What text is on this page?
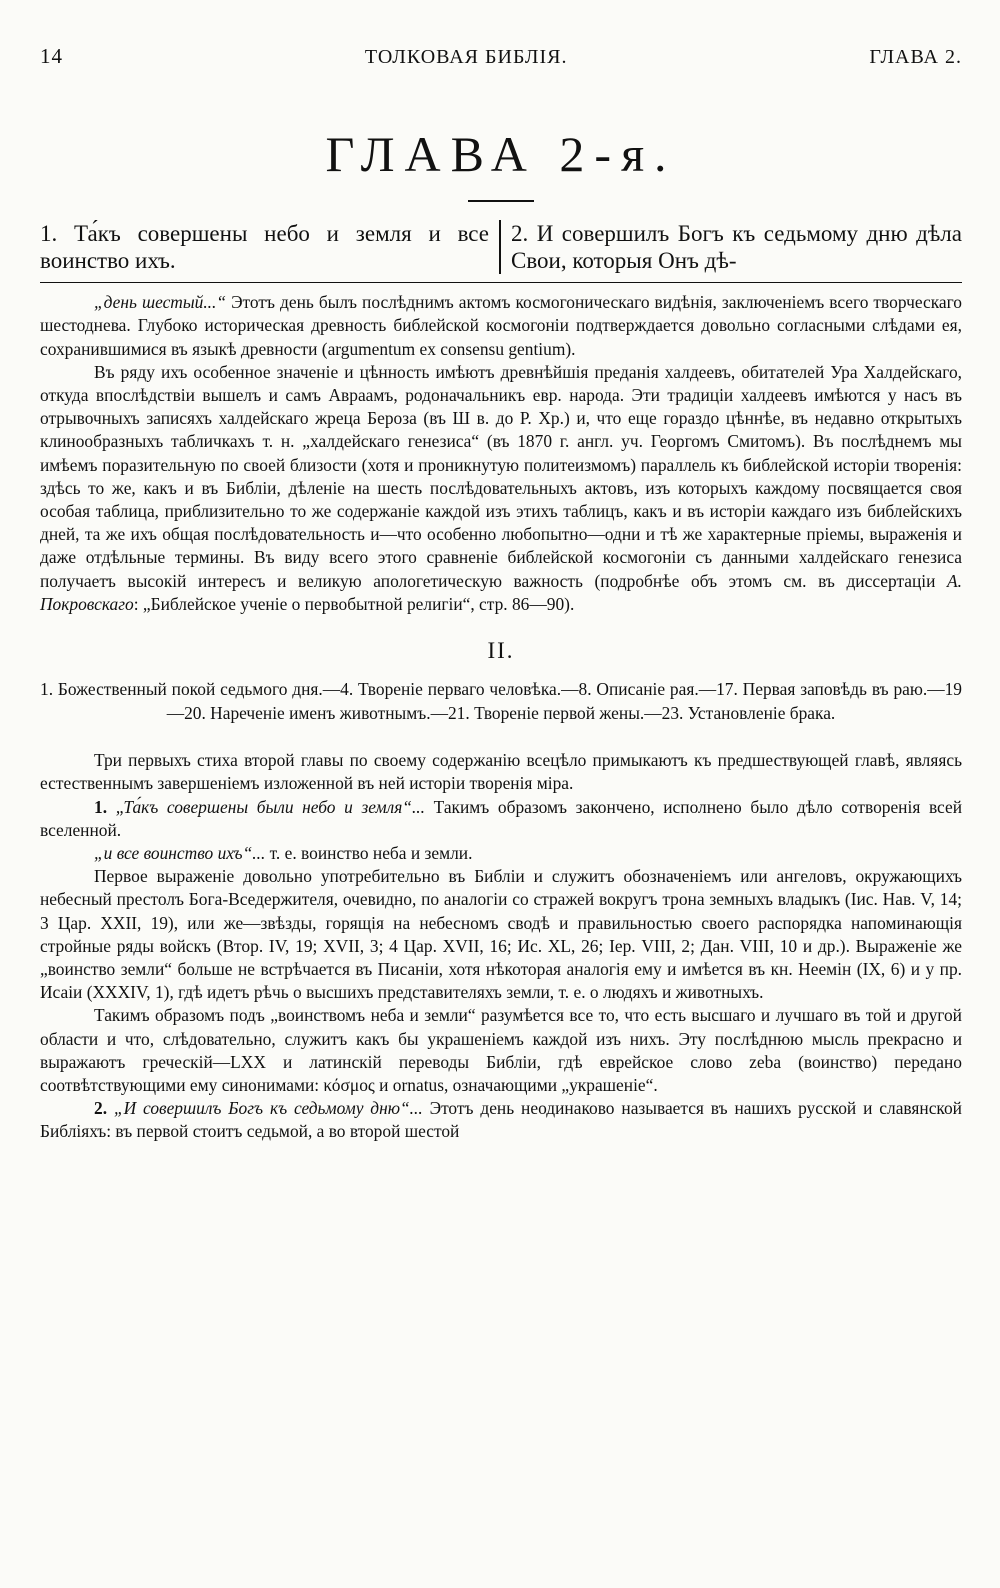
14	ТОЛКОВАЯ БИБЛІЯ.	ГЛАВА 2.
ГЛАВА 2-я.
1. Та́къ совершены небо и земля и все воинство ихъ.
2. И совершилъ Богъ къ седьмому дню дѣла Свои, которыя Онъ дѣ-

„день шестый...“ Этотъ день былъ послѣднимъ актомъ космогоническаго видѣнія, заключеніемъ всего творческаго шестоднева. Глубоко историческая древность библейской космогоніи подтверждается довольно согласными слѣдами ея, сохранившимися въ языкѣ древности (argumentum ex consensu gentium).

Въ ряду ихъ особенное значеніе и цѣнность имѣютъ древнѣйшія преданія халдеевъ, обитателей Ура Халдейскаго, откуда впослѣдствіи вышелъ и самъ Авраамъ, родоначальникъ евр. народа. Эти традиціи халдеевъ имѣются у насъ въ отрывочныхъ записяхъ халдейскаго жреца Бероза (въ Ш в. до Р. Хр.) и, что еще гораздо цѣннѣе, въ недавно открытыхъ клинообразныхъ табличкахъ т. н. „халдейскаго генезиса“ (въ 1870 г. англ. уч. Георгомъ Смитомъ). Въ послѣднемъ мы имѣемъ поразительную по своей близости (хотя и проникнутую политеизмомъ) параллель къ библейской исторіи творенія: здѣсь то же, какъ и въ Библіи, дѣленіе на шесть послѣдовательныхъ актовъ, изъ которыхъ каждому посвящается своя особая таблица, приблизительно то же содержаніе каждой изъ этихъ таблицъ, какъ и въ исторіи каждаго изъ библейскихъ дней, та же ихъ общая послѣдовательность и—что особенно любопытно—одни и тѣ же характерные пріемы, выраженія и даже отдѣльные термины. Въ виду всего этого сравненіе библейской космогоніи съ данными халдейскаго генезиса получаетъ высокій интересъ и великую апологетическую важность (подробнѣе объ этомъ см. въ диссертаціи А. Покровскаго: „Библейское ученіе о первобытной религіи“, стр. 86—90).

II.
1. Божественный покой седьмого дня.—4. Твореніе перваго человѣка.—8. Описаніе рая.—17. Первая заповѣдь въ раю.—19—20. Нареченіе именъ животнымъ.—21. Твореніе первой жены.—23. Установленіе брака.

Три первыхъ стиха второй главы по своему содержанію всецѣло примыкаютъ къ предшествующей главѣ, являясь естественнымъ завершеніемъ изложенной въ ней исторіи творенія міра.

1. „Та́къ совершены были небо и земля“... Такимъ образомъ закончено, исполнено было дѣло сотворенія всей вселенной.

„и все воинство ихъ“... т. е. воинство неба и земли.

Первое выраженіе довольно употребительно въ Библіи и служитъ обозначеніемъ или ангеловъ, окружающихъ небесный престолъ Бога-Вседержителя, очевидно, по аналогіи со стражей вокругъ трона земныхъ владыкъ (Іис. Нав. V, 14; 3 Цар. XXII, 19), или же—звѣзды, горящія на небесномъ сводѣ и правильностью своего распорядка напоминающія стройные ряды войскъ (Втор. IV, 19; XVII, 3; 4 Цар. XVII, 16; Ис. XL, 26; Іер. VIII, 2; Дан. VIII, 10 и др.). Выраженіе же „воинство земли“ больше не встрѣчается въ Писаніи, хотя нѣкоторая аналогія ему и имѣется въ кн. Неемін (IX, 6) и у пр. Исаіи (XXXIV, 1), гдѣ идетъ рѣчь о высшихъ представителяхъ земли, т. е. о людяхъ и животныхъ.

Такимъ образомъ подъ „воинствомъ неба и земли“ разумѣется все то, что есть высшаго и лучшаго въ той и другой области и что, слѣдовательно, служитъ какъ бы украшеніемъ каждой изъ нихъ. Эту послѣднюю мысль прекрасно и выражаютъ греческій—LXX и латинскій переводы Библіи, гдѣ еврейское слово zeba (воинство) передано соотвѣтствующими ему синонимами: κόσμος и ornatus, означающими „украшеніе“.

2. „И совершилъ Богъ къ седьмому дню“... Этотъ день неодинаково называется въ нашихъ русской и славянской Библіяхъ: въ первой стоитъ седьмой, а во второй шестой
